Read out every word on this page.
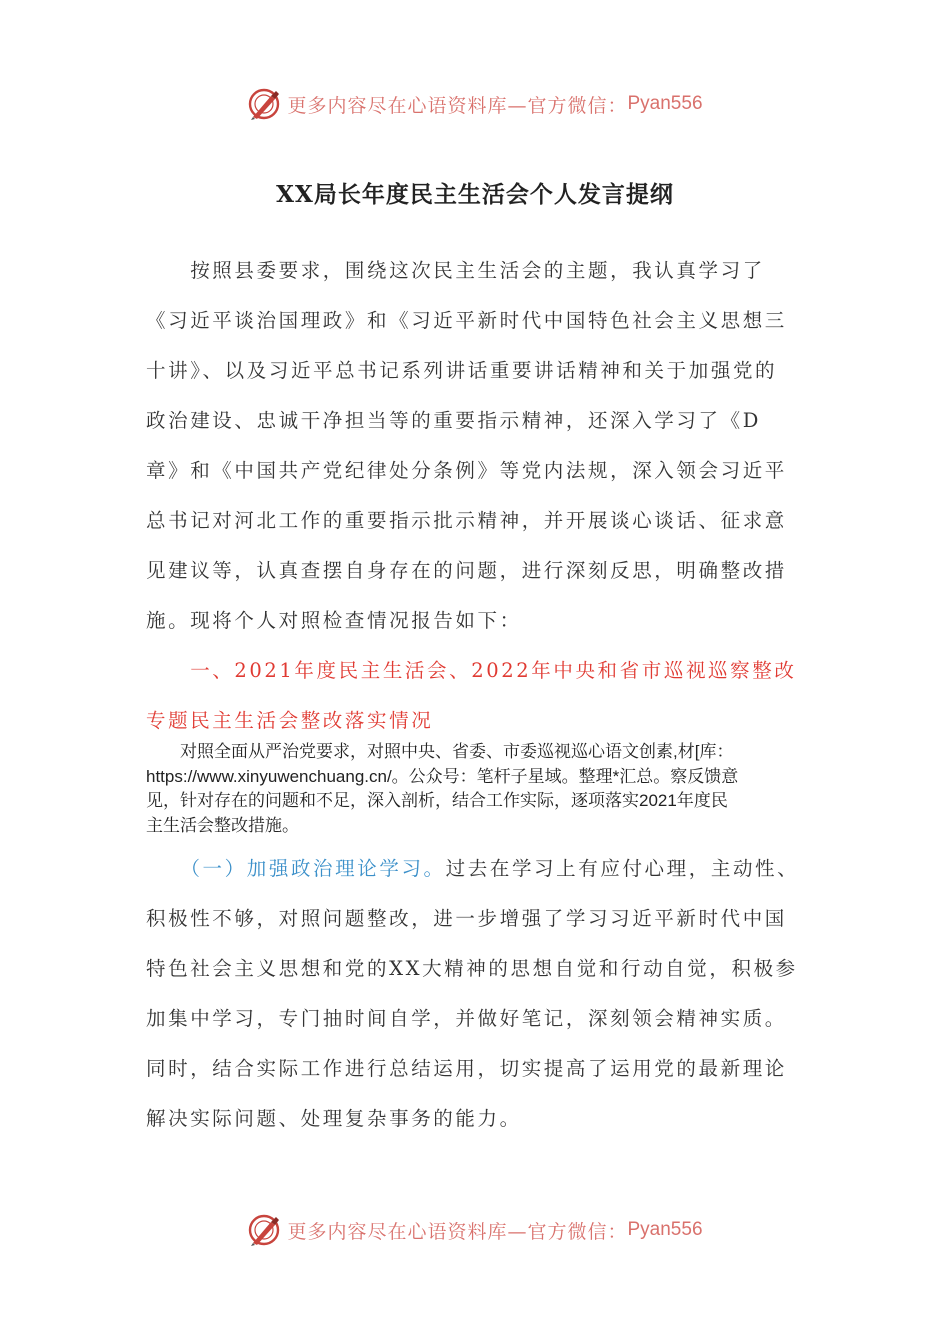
更多内容尽在心语资料库—官方微信： Pyan556
XX局长年度民主生活会个人发言提纲
　　按照县委要求，围绕这次民主生活会的主题，我认真学习了
《习近平谈治国理政》和《习近平新时代中国特色社会主义思想三
十讲》、以及习近平总书记系列讲话重要讲话精神和关于加强党的
政治建设、忠诚干净担当等的重要指示精神，还深入学习了《D
章》和《中国共产党纪律处分条例》等党内法规，深入领会习近平
总书记对河北工作的重要指示批示精神，并开展谈心谈话、征求意
见建议等，认真查摆自身存在的问题，进行深刻反思，明确整改措
施。现将个人对照检查情况报告如下：
　　一、2021年度民主生活会、2022年中央和省市巡视巡察整改
专题民主生活会整改落实情况
　　对照全面从严治党要求，对照中央、省委、市委巡视巡心语文创素,材[库：
https://www.xinyuwenchuang.cn/。公众号：笔杆子星域。整理*汇总。察反馈意
见，针对存在的问题和不足，深入剖析，结合工作实际，逐项落实2021年度民
主生活会整改措施。
　　（一）加强政治理论学习。过去在学习上有应付心理，主动性、
积极性不够，对照问题整改，进一步增强了学习习近平新时代中国
特色社会主义思想和党的XX大精神的思想自觉和行动自觉，积极参
加集中学习，专门抽时间自学，并做好笔记，深刻领会精神实质。
同时，结合实际工作进行总结运用，切实提高了运用党的最新理论
解决实际问题、处理复杂事务的能力。
更多内容尽在心语资料库—官方微信： Pyan556
